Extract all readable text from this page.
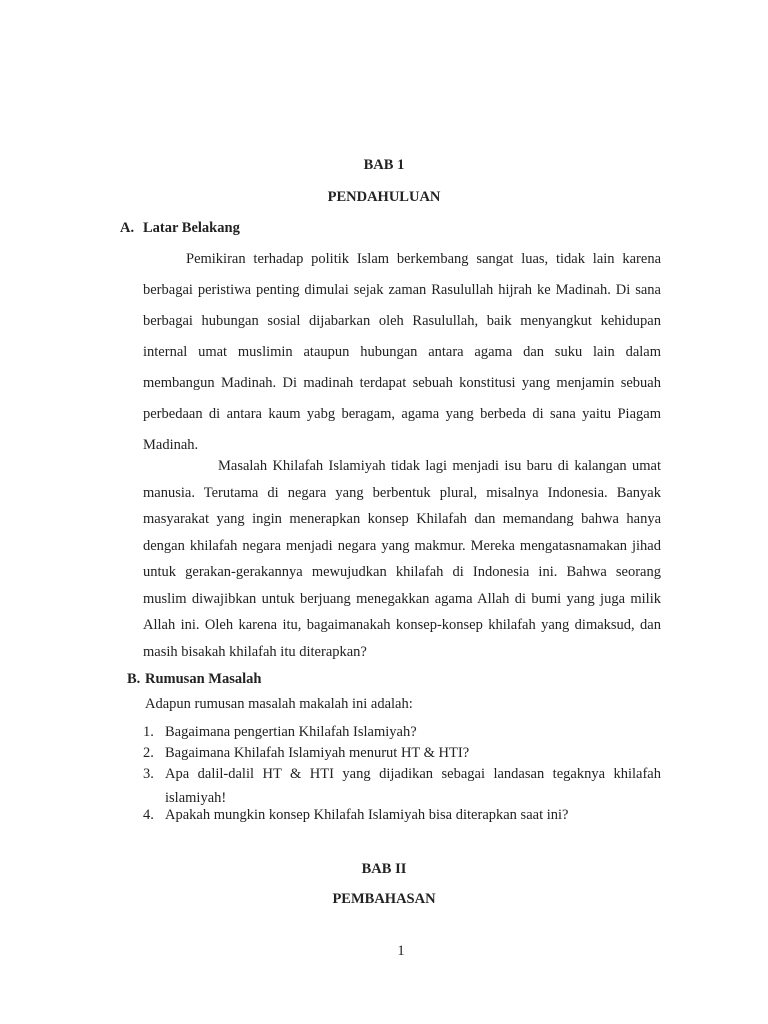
BAB 1
PENDAHULUAN
A. Latar Belakang
Pemikiran terhadap politik Islam berkembang sangat luas, tidak lain karena berbagai peristiwa penting dimulai sejak zaman Rasulullah hijrah ke Madinah. Di sana berbagai hubungan sosial dijabarkan oleh Rasulullah, baik menyangkut kehidupan internal umat muslimin ataupun hubungan antara agama dan suku lain dalam membangun Madinah. Di madinah terdapat sebuah konstitusi yang menjamin sebuah perbedaan di antara kaum yabg beragam, agama yang berbeda di sana yaitu Piagam Madinah.
Masalah Khilafah Islamiyah tidak lagi menjadi isu baru di kalangan umat manusia. Terutama di negara yang berbentuk plural, misalnya Indonesia. Banyak masyarakat yang ingin menerapkan konsep Khilafah dan memandang bahwa hanya dengan khilafah negara menjadi negara yang makmur. Mereka mengatasnamakan jihad untuk gerakan-gerakannya mewujudkan khilafah di Indonesia ini. Bahwa seorang muslim diwajibkan untuk berjuang menegakkan agama Allah di bumi yang juga milik Allah ini. Oleh karena itu, bagaimanakah konsep-konsep khilafah yang dimaksud, dan masih bisakah khilafah itu diterapkan?
B. Rumusan Masalah
Adapun rumusan masalah makalah ini adalah:
1. Bagaimana pengertian Khilafah Islamiyah?
2. Bagaimana Khilafah Islamiyah menurut HT & HTI?
3. Apa dalil-dalil HT & HTI yang dijadikan sebagai landasan tegaknya khilafah
islamiyah!
4. Apakah mungkin konsep Khilafah Islamiyah bisa diterapkan saat ini?
BAB II
PEMBAHASAN
1
